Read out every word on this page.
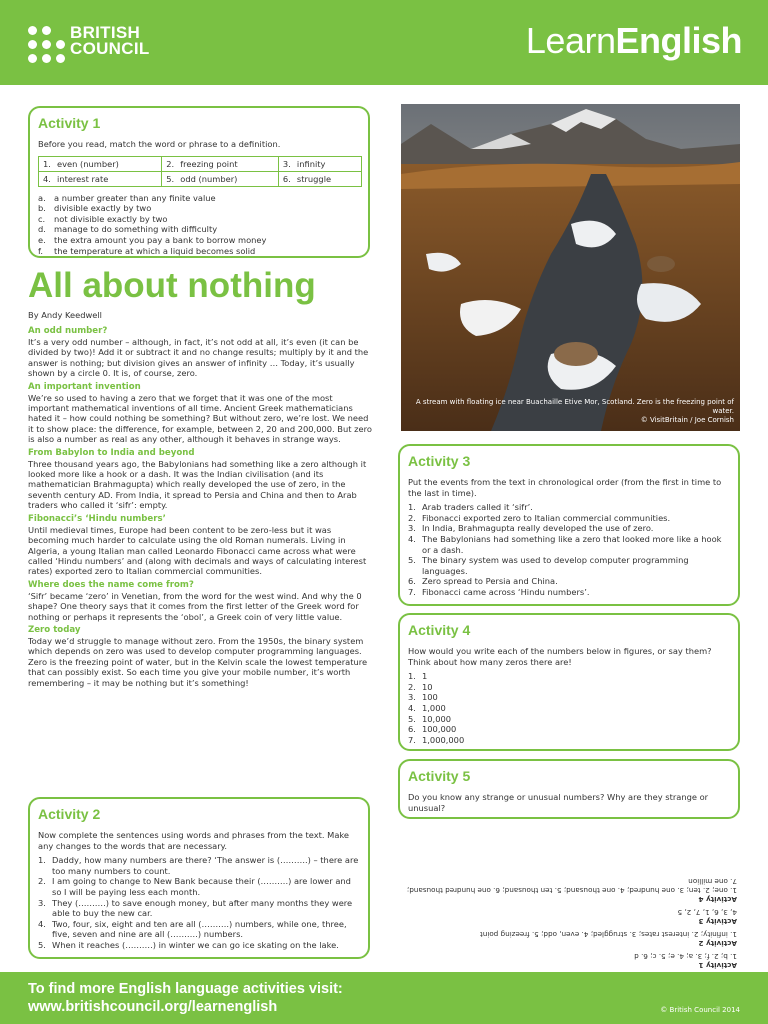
BRITISH
COUNCIL	LearnEnglish
Activity 1
Before you read, match the word or phrase to a definition.
1. even (number)	2. freezing point	3. infinity
4. interest rate	5. odd (number)	6. struggle
a. a number greater than any finite value
b. divisible exactly by two
c. not divisible exactly by two
d. manage to do something with difficulty
e. the extra amount you pay a bank to borrow money
f. the temperature at which a liquid becomes solid
All about nothing
By Andy Keedwell
An odd number?

It’s a very odd number – although, in fact, it’s not odd at all, it’s even (it can be divided by two)! Add it or subtract it and no change results; multiply by it and the answer is nothing; but division gives an answer of infinity … Today, it’s usually shown by a circle 0. It is, of course, zero.

An important invention

We’re so used to having a zero that we forget that it was one of the most important mathematical inventions of all time. Ancient Greek mathematicians hated it – how could nothing be something? But without zero, we’re lost. We need it to show place: the difference, for example, between 2, 20 and 200,000. But zero is also a number as real as any other, although it behaves in strange ways.

From Babylon to India and beyond

Three thousand years ago, the Babylonians had something like a zero although it looked more like a hook or a dash. It was the Indian civilisation (and its mathematician Brahmagupta) which really developed the use of zero, in the seventh century AD. From India, it spread to Persia and China and then to Arab traders who called it ‘sifr’: empty.

Fibonacci’s ‘Hindu numbers’

Until medieval times, Europe had been content to be zero-less but it was becoming much harder to calculate using the old Roman numerals. Living in Algeria, a young Italian man called Leonardo Fibonacci came across what were called ‘Hindu numbers’ and (along with decimals and ways of calculating interest rates) exported zero to Italian commercial communities.

Where does the name come from?

‘Sifr’ became ‘zero’ in Venetian, from the word for the west wind. And why the 0 shape? One theory says that it comes from the first letter of the Greek word for nothing or perhaps it represents the ‘obol’, a Greek coin of very little value.

Zero today

Today we’d struggle to manage without zero. From the 1950s, the binary system which depends on zero was used to develop computer programming languages. Zero is the freezing point of water, but in the Kelvin scale the lowest temperature that can possibly exist. So each time you give your mobile number, it’s worth remembering – it may be nothing but it’s something!

A stream with floating ice near Buachaille Etive Mor, Scotland. Zero is the freezing point of water.
© VisitBritain / Joe Cornish
Activity 3
Put the events from the text in chronological order (from the first in time to the last in time).
1. Arab traders called it ‘sifr’.
2. Fibonacci exported zero to Italian commercial communities.
3. In India, Brahmagupta really developed the use of zero.
4. The Babylonians had something like a zero that looked more like a hook or a dash.
5. The binary system was used to develop computer programming languages.
6. Zero spread to Persia and China.
7. Fibonacci came across ‘Hindu numbers’.
Activity 4
How would you write each of the numbers below in figures, or say them? Think about how many zeros there are!
1. 1
2. 10
3. 100
4. 1,000
5. 10,000
6. 100,000
7. 1,000,000
Activity 5
Do you know any strange or unusual numbers? Why are they strange or unusual?
Activity 1
1. b; 2. f; 3. a; 4. e; 5. c; 6. d
Activity 2
1. infinity; 2. interest rates; 3. struggled; 4. even, odd; 5. freezing point
Activity 3
4, 3, 6, 1, 7, 2, 5
Activity 4
1. one; 2. ten; 3. one hundred; 4. one thousand; 5. ten thousand; 6. one hundred thousand; 7. one million
Activity 2
Now complete the sentences using words and phrases from the text. Make any changes to the words that are necessary.
1. Daddy, how many numbers are there? ‘The answer is (……….) – there are too many numbers to count.
2. I am going to change to New Bank because their (……….) are lower and so I will be paying less each month.
3. They (……….) to save enough money, but after many months they were able to buy the new car.
4. Two, four, six, eight and ten are all (……….) numbers, while one, three, five, seven and nine are all (……….) numbers.
5. When it reaches (……….) in winter we can go ice skating on the lake.
To find more English language activities visit:
www.britishcouncil.org/learnenglish	© British Council 2014
